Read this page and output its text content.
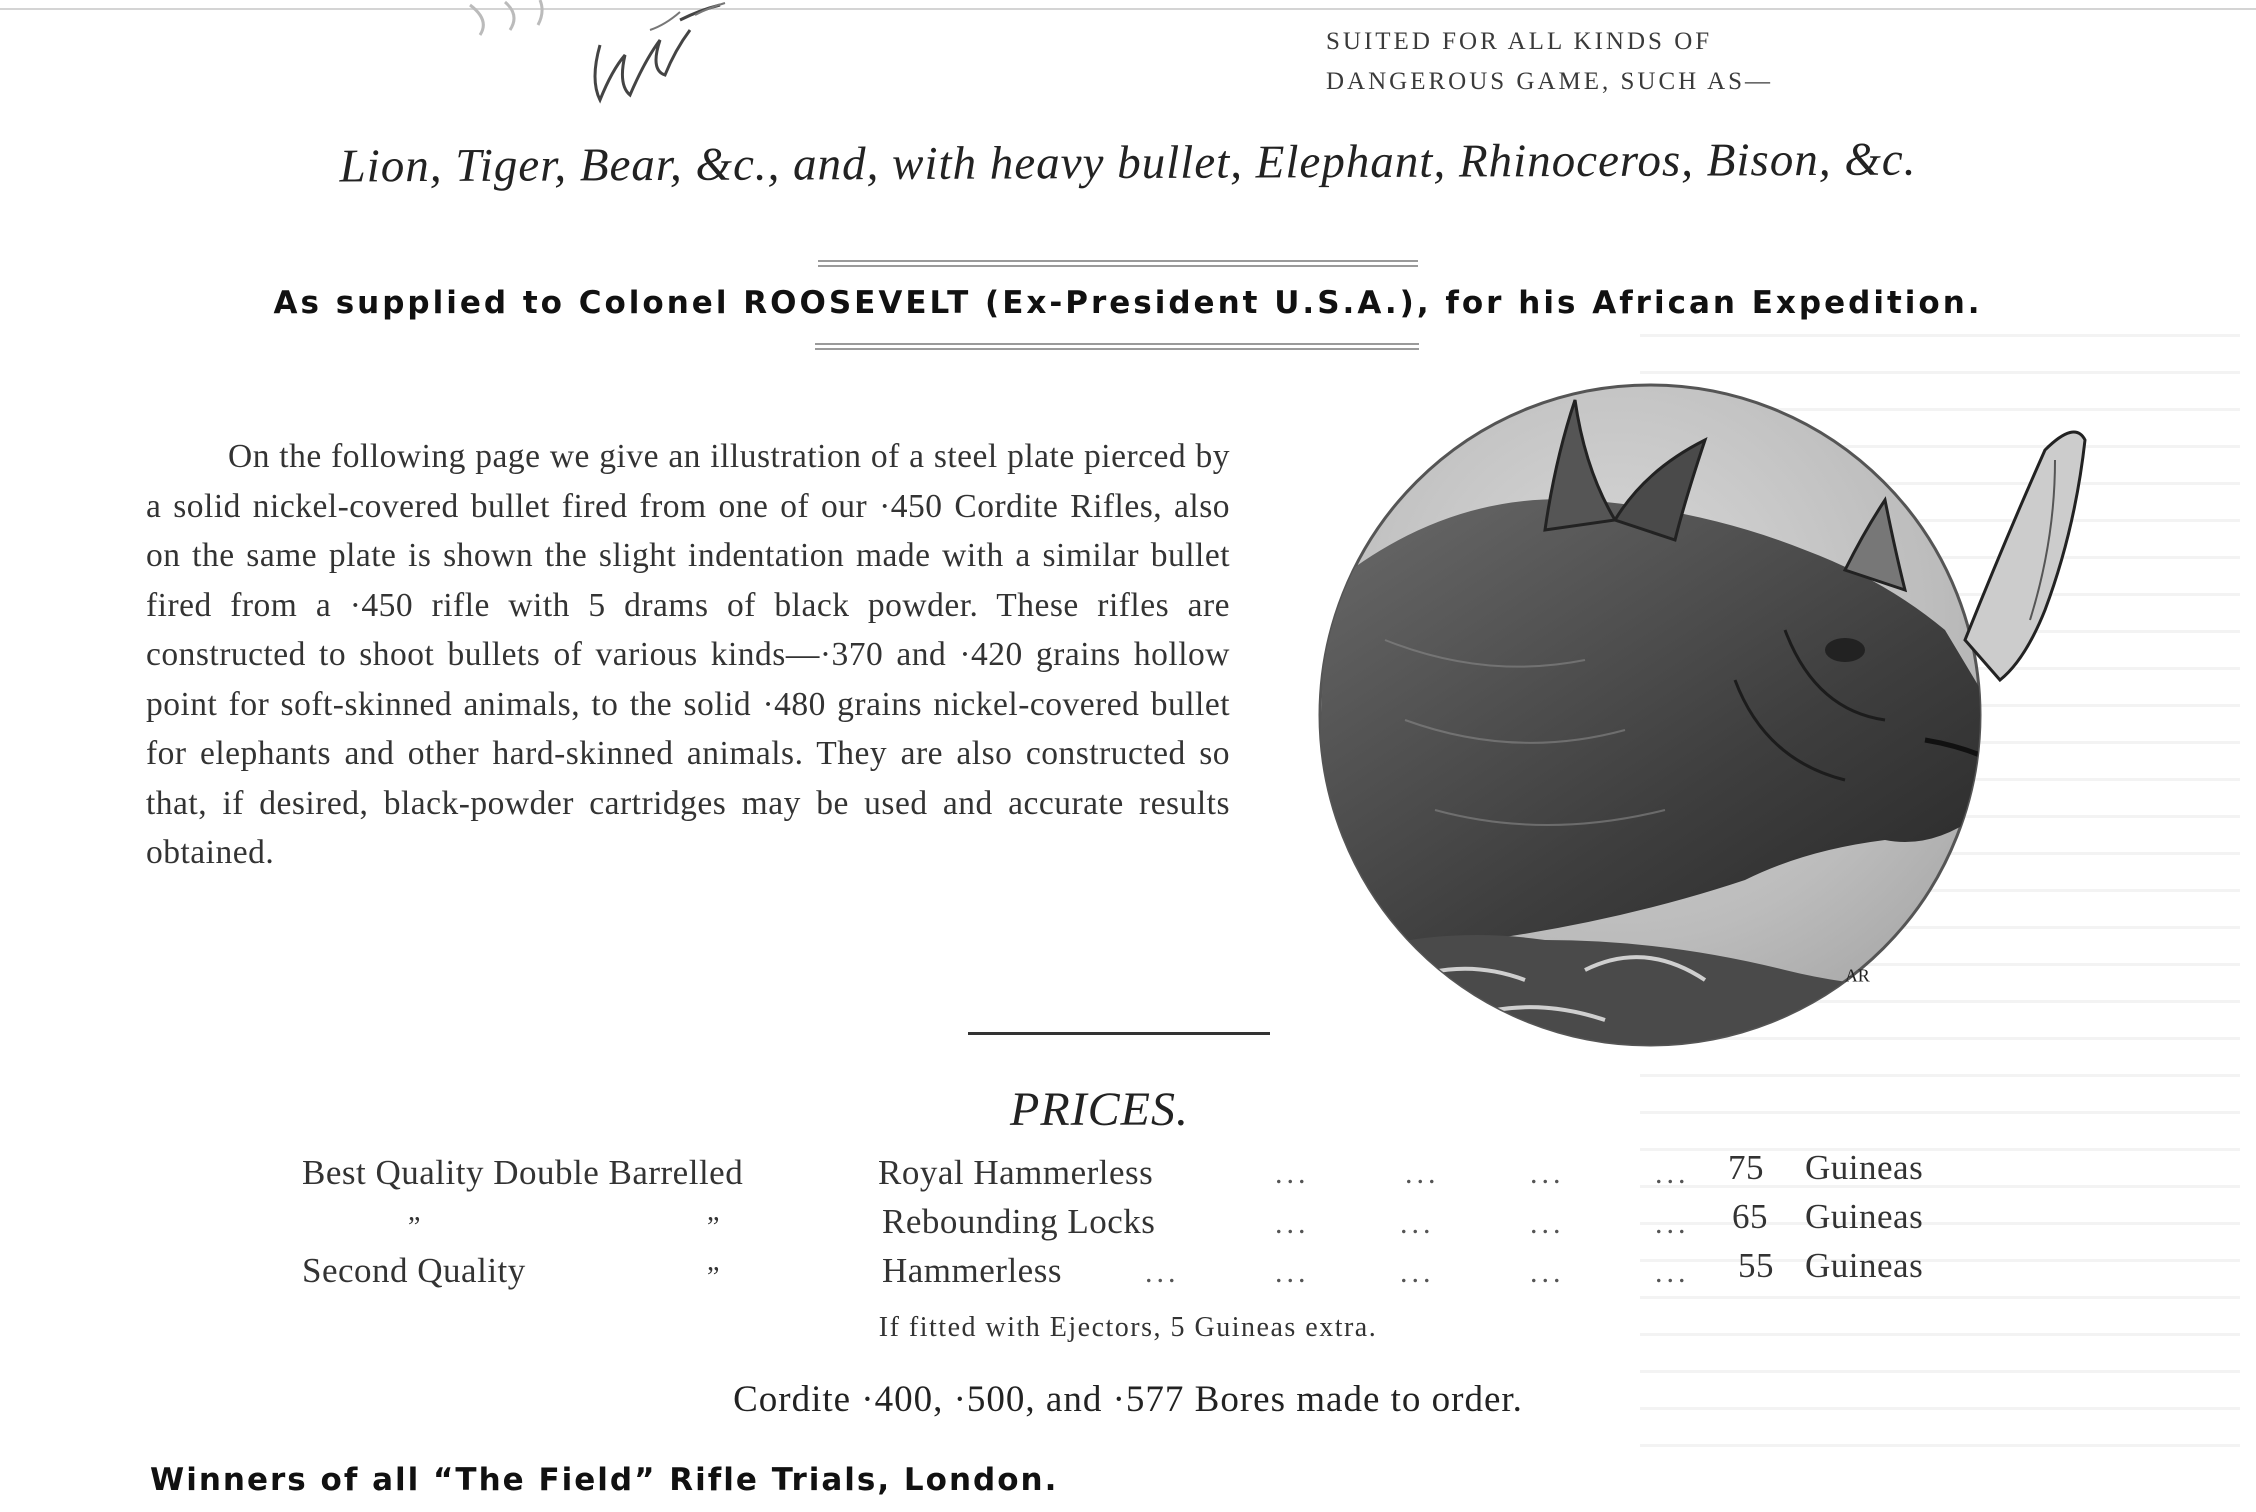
SUITED FOR ALL KINDS OF
DANGEROUS GAME, SUCH AS—
Lion, Tiger, Bear, &c., and, with heavy bullet, Elephant, Rhinoceros, Bison, &c.
As supplied to Colonel ROOSEVELT (Ex-President U.S.A.), for his African Expedition.
On the following page we give an illustration of a steel plate pierced by a solid nickel-covered bullet fired from one of our ·450 Cordite Rifles, also on the same plate is shown the slight indentation made with a similar bullet fired from a ·450 rifle with 5 drams of black powder. These rifles are constructed to shoot bullets of various kinds—·370 and ·420 grains hollow point for soft-skinned animals, to the solid ·480 grains nickel-covered bullet for elephants and other hard-skinned animals. They are also constructed so that, if desired, black-powder cartridges may be used and accurate results obtained.
ᴬᴿ
PRICES.
Best Quality Double Barrelled	Royal Hammerless	...	...	...	... 75 Guineas
”	”	Rebounding Locks	...	...	...	... 65 Guineas
Second Quality	”	Hammerless	...	...	...	...	... 55 Guineas
If fitted with Ejectors, 5 Guineas extra.
Cordite ·400, ·500, and ·577 Bores made to order.
Winners of all “The Field” Rifle Trials, London.
